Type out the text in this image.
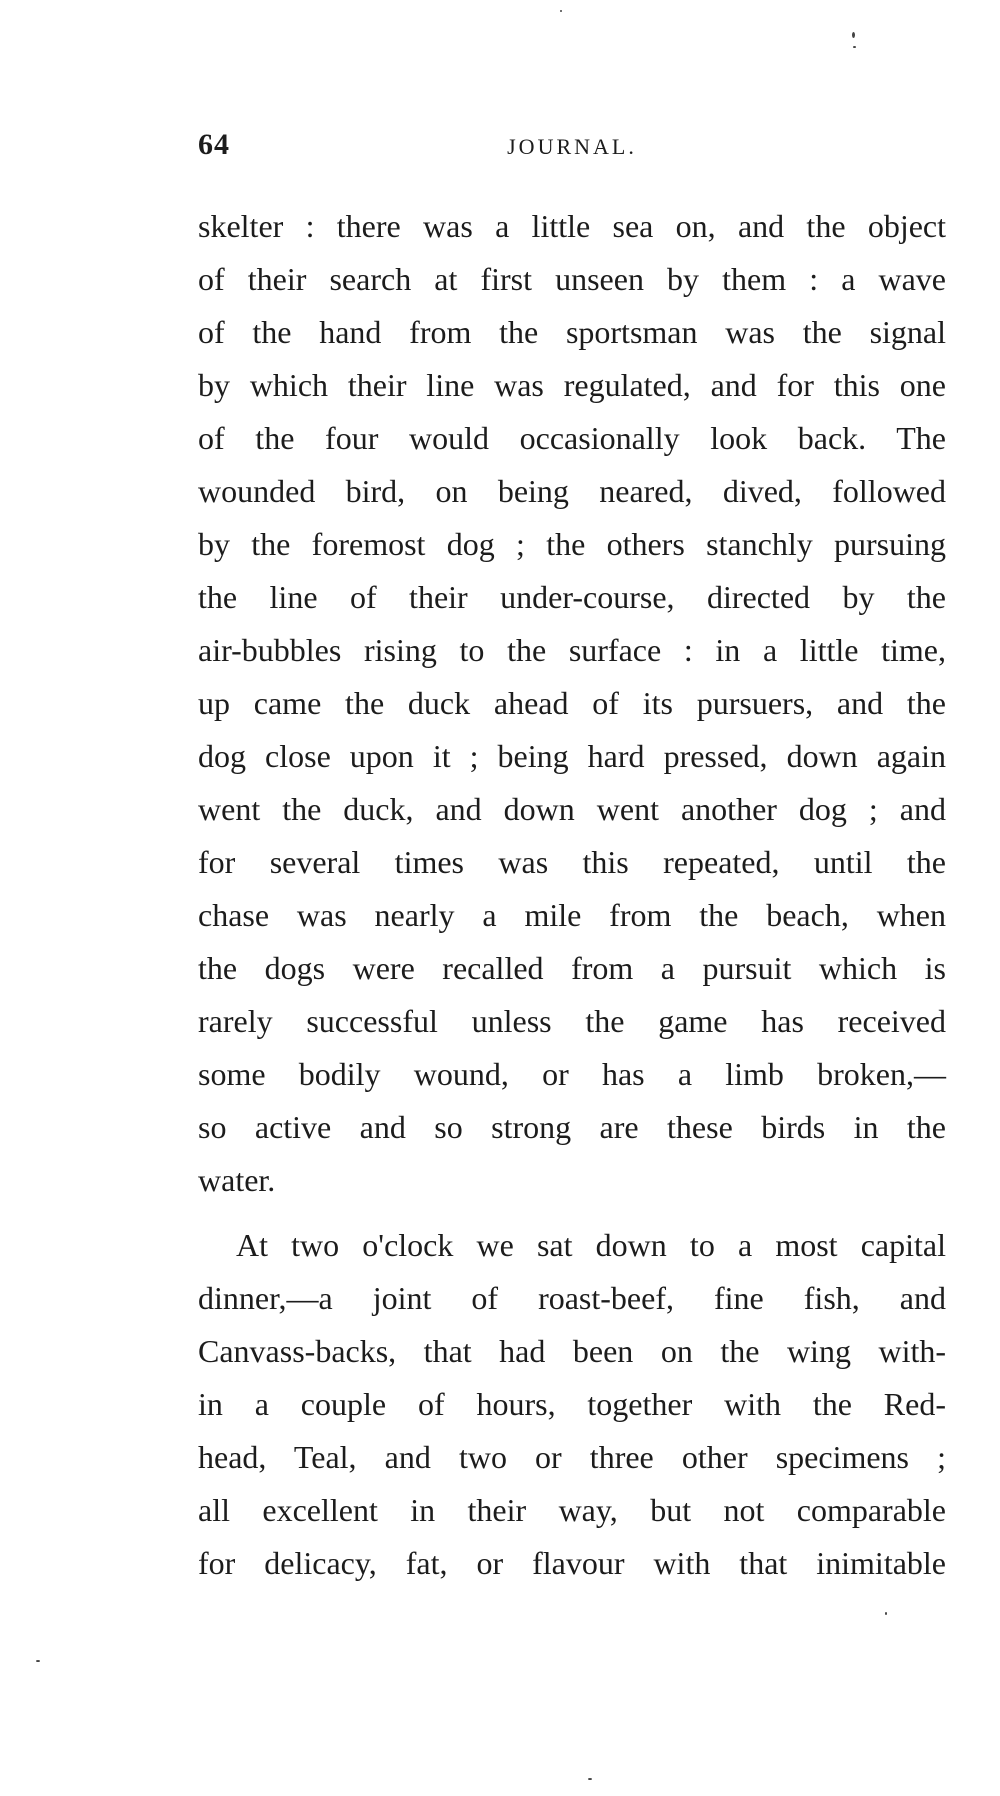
64	JOURNAL.
skelter : there was a little sea on, and the object
of their search at first unseen by them : a wave
of the hand from the sportsman was the signal
by which their line was regulated, and for this one
of the four would occasionally look back. The
wounded bird, on being neared, dived, followed
by the foremost dog ; the others stanchly pursuing
the line of their under-course, directed by the
air-bubbles rising to the surface : in a little time,
up came the duck ahead of its pursuers, and the
dog close upon it ; being hard pressed, down again
went the duck, and down went another dog ; and
for several times was this repeated, until the
chase was nearly a mile from the beach, when
the dogs were recalled from a pursuit which is
rarely successful unless the game has received
some bodily wound, or has a limb broken,—
so active and so strong are these birds in the
water.
At two o'clock we sat down to a most capital
dinner,—a joint of roast-beef, fine fish, and
Canvass-backs, that had been on the wing with-
in a couple of hours, together with the Red-
head, Teal, and two or three other specimens ;
all excellent in their way, but not comparable
for delicacy, fat, or flavour with that inimitable
